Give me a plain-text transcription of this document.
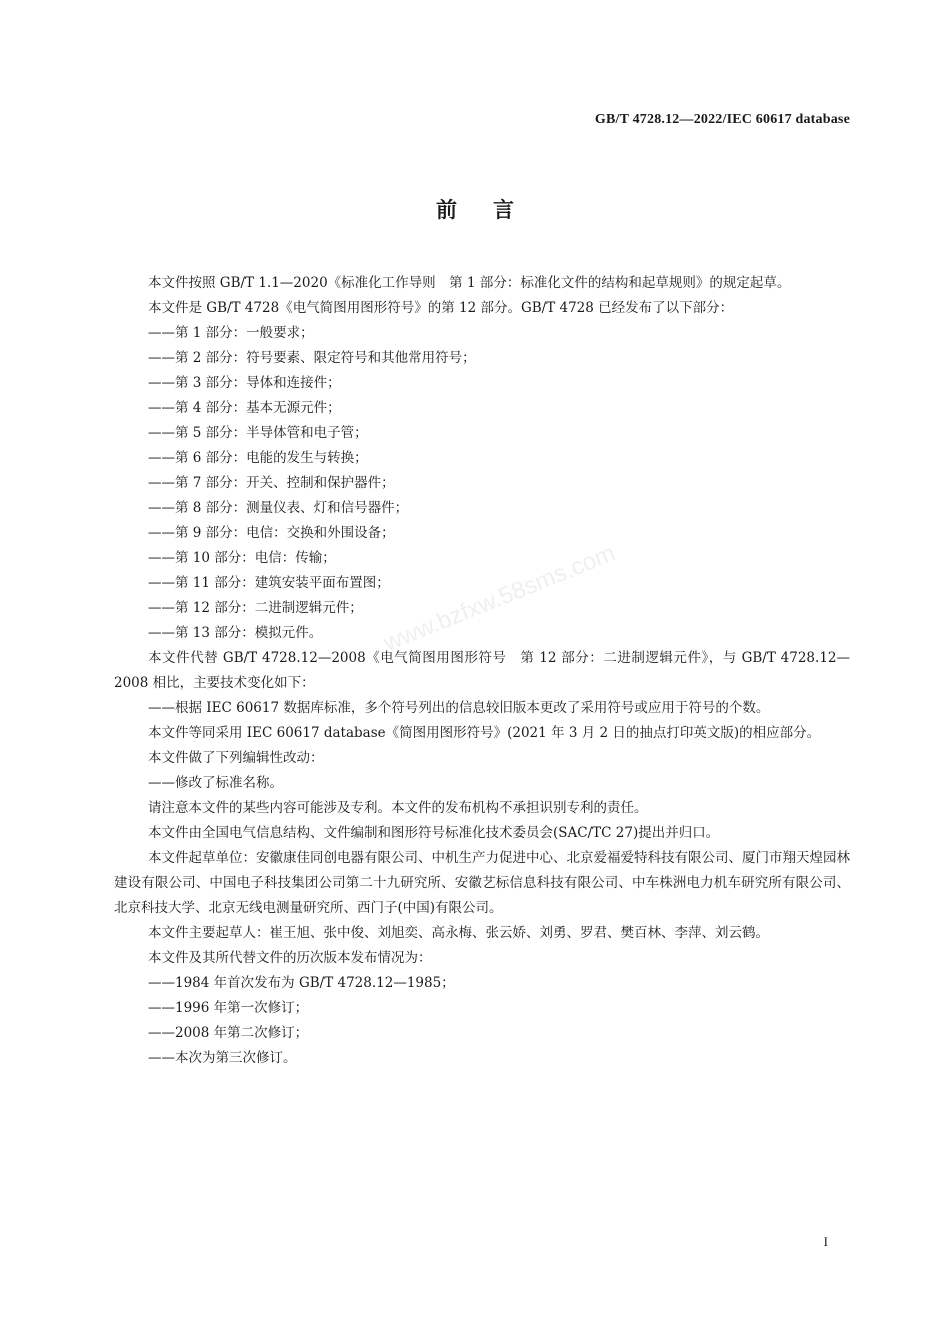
GB/T 4728.12—2022/IEC 60617 database
前言

本文件按照 GB/T 1.1—2020《标准化工作导则　第 1 部分：标准化文件的结构和起草规则》的规定起草。

本文件是 GB/T 4728《电气简图用图形符号》的第 12 部分。GB/T 4728 已经发布了以下部分：

——第 1 部分：一般要求；

——第 2 部分：符号要素、限定符号和其他常用符号；

——第 3 部分：导体和连接件；

——第 4 部分：基本无源元件；

——第 5 部分：半导体管和电子管；

——第 6 部分：电能的发生与转换；

——第 7 部分：开关、控制和保护器件；

——第 8 部分：测量仪表、灯和信号器件；

——第 9 部分：电信：交换和外围设备；

——第 10 部分：电信：传输；

——第 11 部分：建筑安装平面布置图；

——第 12 部分：二进制逻辑元件；

——第 13 部分：模拟元件。

本文件代替 GB/T 4728.12—2008《电气简图用图形符号　第 12 部分：二进制逻辑元件》，与 GB/T 4728.12—2008 相比，主要技术变化如下：

——根据 IEC 60617 数据库标准，多个符号列出的信息较旧版本更改了采用符号或应用于符号的个数。

本文件等同采用 IEC 60617 database《简图用图形符号》(2021 年 3 月 2 日的抽点打印英文版)的相应部分。

本文件做了下列编辑性改动：

——修改了标准名称。

请注意本文件的某些内容可能涉及专利。本文件的发布机构不承担识别专利的责任。

本文件由全国电气信息结构、文件编制和图形符号标准化技术委员会(SAC/TC 27)提出并归口。

本文件起草单位：安徽康佳同创电器有限公司、中机生产力促进中心、北京爱福爱特科技有限公司、厦门市翔天煌园林建设有限公司、中国电子科技集团公司第二十九研究所、安徽艺标信息科技有限公司、中车株洲电力机车研究所有限公司、北京科技大学、北京无线电测量研究所、西门子(中国)有限公司。

本文件主要起草人：崔王旭、张中俊、刘旭奕、高永梅、张云娇、刘勇、罗君、樊百林、李萍、刘云鹤。

本文件及其所代替文件的历次版本发布情况为：

——1984 年首次发布为 GB/T 4728.12—1985；

——1996 年第一次修订；

——2008 年第二次修订；

——本次为第三次修订。

www.bzfxw.58sms.com
I
